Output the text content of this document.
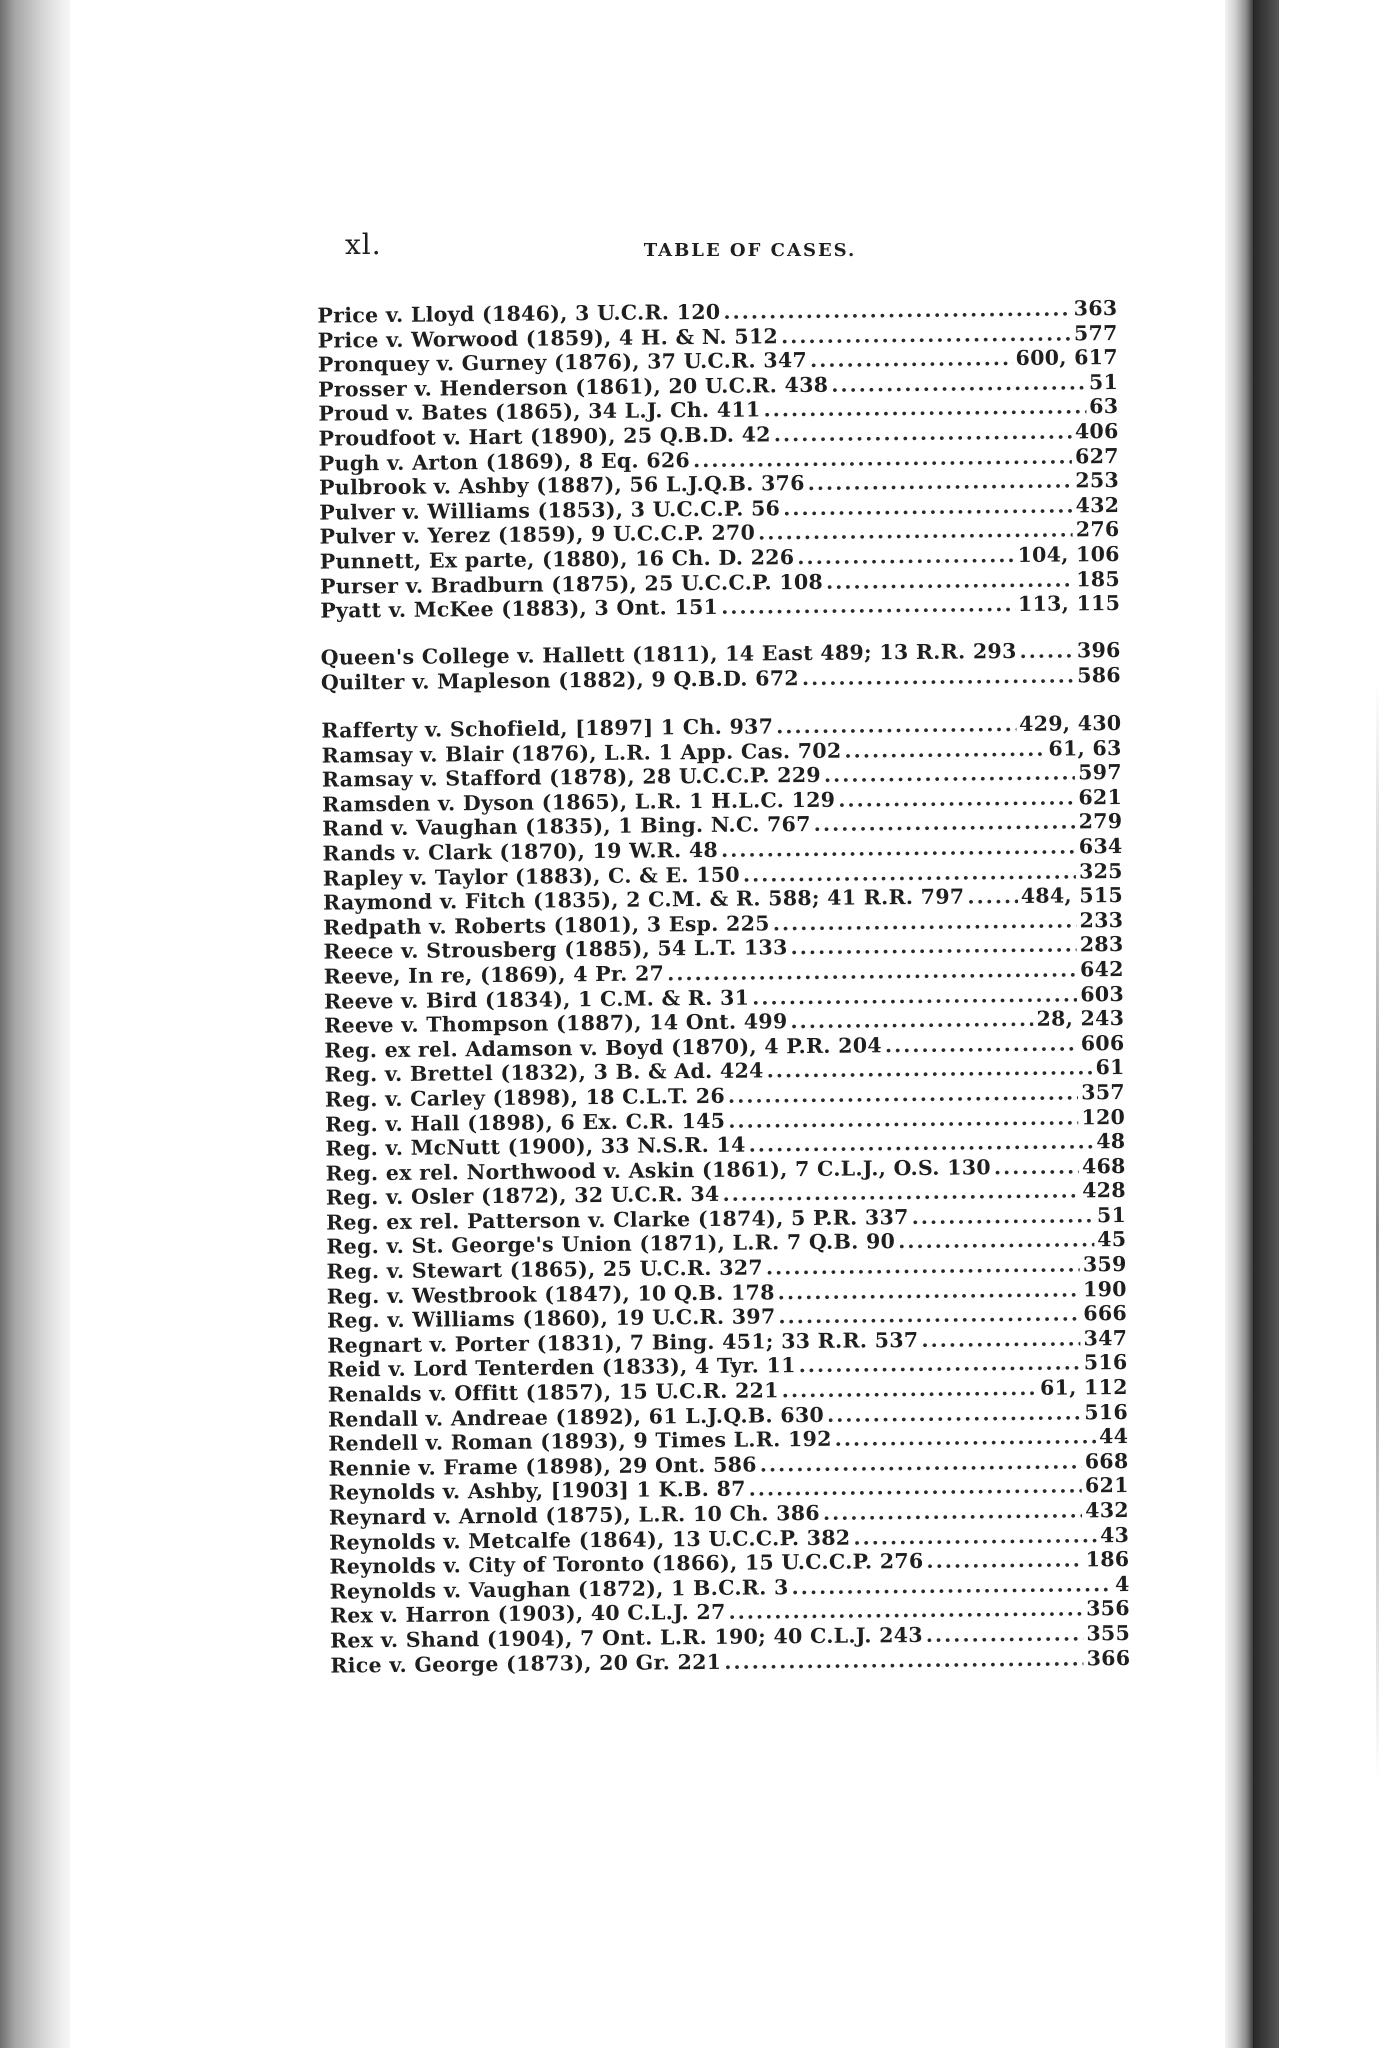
xl.	TABLE OF CASES.
Price v. Lloyd (1846), 3 U.C.R. 120 .....	363
Price v. Worwood (1859), 4 H. & N. 512 .....	577
Pronquey v. Gurney (1876), 37 U.C.R. 347 .....	600, 617
Prosser v. Henderson (1861), 20 U.C.R. 438 .....	51
Proud v. Bates (1865), 34 L.J. Ch. 411 .....	63
Proudfoot v. Hart (1890), 25 Q.B.D. 42 .....	406
Pugh v. Arton (1869), 8 Eq. 626 .....	627
Pulbrook v. Ashby (1887), 56 L.J.Q.B. 376 .....	253
Pulver v. Williams (1853), 3 U.C.C.P. 56 .....	432
Pulver v. Yerez (1859), 9 U.C.C.P. 270 .....	276
Punnett, Ex parte, (1880), 16 Ch. D. 226 .....	104, 106
Purser v. Bradburn (1875), 25 U.C.C.P. 108 .....	185
Pyatt v. McKee (1883), 3 Ont. 151 .....	113, 115
Queen's College v. Hallett (1811), 14 East 489; 13 R.R. 293 .....	396
Quilter v. Mapleson (1882), 9 Q.B.D. 672 .....	586
Rafferty v. Schofield, [1897] 1 Ch. 937 .....	429, 430
Ramsay v. Blair (1876), L.R. 1 App. Cas. 702 .....	61, 63
Ramsay v. Stafford (1878), 28 U.C.C.P. 229 .....	597
Ramsden v. Dyson (1865), L.R. 1 H.L.C. 129 .....	621
Rand v. Vaughan (1835), 1 Bing. N.C. 767 .....	279
Rands v. Clark (1870), 19 W.R. 48 .....	634
Rapley v. Taylor (1883), C. & E. 150 .....	325
Raymond v. Fitch (1835), 2 C.M. & R. 588; 41 R.R. 797 .....	484, 515
Redpath v. Roberts (1801), 3 Esp. 225 .....	233
Reece v. Strousberg (1885), 54 L.T. 133 .....	283
Reeve, In re, (1869), 4 Pr. 27 .....	642
Reeve v. Bird (1834), 1 C.M. & R. 31 .....	603
Reeve v. Thompson (1887), 14 Ont. 499 .....	28, 243
Reg. ex rel. Adamson v. Boyd (1870), 4 P.R. 204 .....	606
Reg. v. Brettel (1832), 3 B. & Ad. 424 .....	61
Reg. v. Carley (1898), 18 C.L.T. 26 .....	357
Reg. v. Hall (1898), 6 Ex. C.R. 145 .....	120
Reg. v. McNutt (1900), 33 N.S.R. 14 .....	48
Reg. ex rel. Northwood v. Askin (1861), 7 C.L.J., O.S. 130 .....	468
Reg. v. Osler (1872), 32 U.C.R. 34 .....	428
Reg. ex rel. Patterson v. Clarke (1874), 5 P.R. 337 .....	51
Reg. v. St. George's Union (1871), L.R. 7 Q.B. 90 .....	45
Reg. v. Stewart (1865), 25 U.C.R. 327 .....	359
Reg. v. Westbrook (1847), 10 Q.B. 178 .....	190
Reg. v. Williams (1860), 19 U.C.R. 397 .....	666
Regnart v. Porter (1831), 7 Bing. 451; 33 R.R. 537 .....	347
Reid v. Lord Tenterden (1833), 4 Tyr. 11 .....	516
Renalds v. Offitt (1857), 15 U.C.R. 221 .....	61, 112
Rendall v. Andreae (1892), 61 L.J.Q.B. 630 .....	516
Rendell v. Roman (1893), 9 Times L.R. 192 .....	44
Rennie v. Frame (1898), 29 Ont. 586 .....	668
Reynolds v. Ashby, [1903] 1 K.B. 87 .....	621
Reynard v. Arnold (1875), L.R. 10 Ch. 386 .....	432
Reynolds v. Metcalfe (1864), 13 U.C.C.P. 382 .....	43
Reynolds v. City of Toronto (1866), 15 U.C.C.P. 276 .....	186
Reynolds v. Vaughan (1872), 1 B.C.R. 3 .....	4
Rex v. Harron (1903), 40 C.L.J. 27 .....	356
Rex v. Shand (1904), 7 Ont. L.R. 190; 40 C.L.J. 243 .....	355
Rice v. George (1873), 20 Gr. 221 .....	366
